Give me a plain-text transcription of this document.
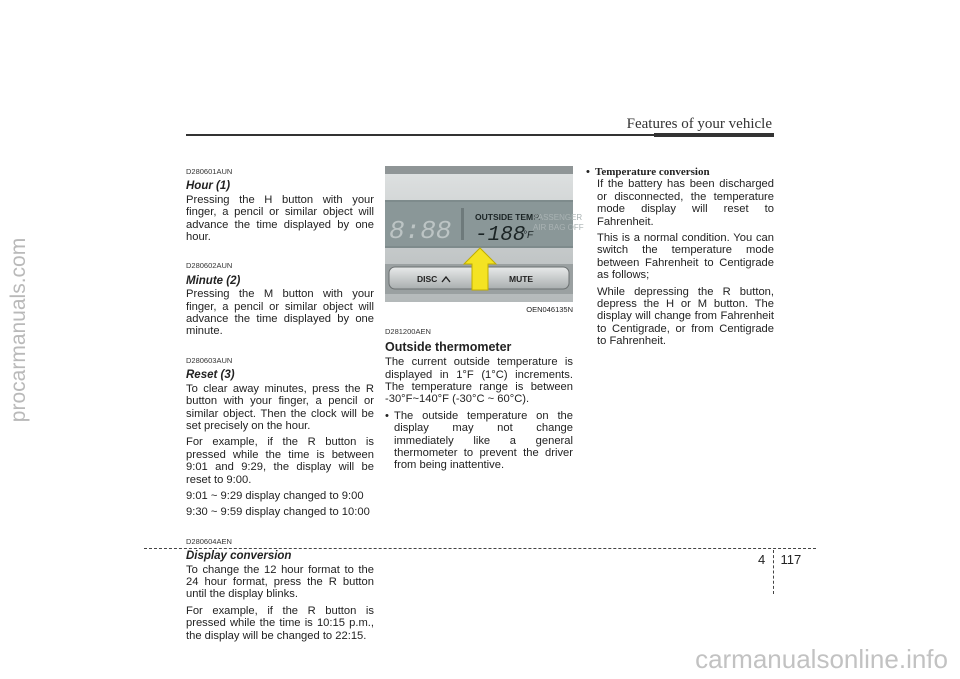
procarmanuals.com
Features of your vehicle
D280601AUN
Hour (1)

Pressing the H button with your finger, a pencil or similar object will advance the time displayed by one hour.

D280602AUN
Minute (2)

Pressing the M button with your finger, a pencil or similar object will advance the time displayed by one minute.

D280603AUN
Reset (3)

To clear away minutes, press the R button with your finger, a pencil or similar object. Then the clock will be set precisely on the hour.

For example, if the R button is pressed while the time is between 9:01 and 9:29, the display will be reset to 9:00.

9:01 ~ 9:29 display changed to 9:00

9:30 ~ 9:59 display changed to 10:00

D280604AEN
Display conversion

To change the 12 hour format to the 24 hour format, press the R button until the display blinks.

For example, if the R button is pressed while the time is 10:15 p.m., the display will be changed to 22:15.

8:88	OUTSIDE TEMP.
-188
°F
PASSENGER
AIR BAG OFF
DISC	MUTE
OEN046135N
D281200AEN
Outside thermometer

The current outside temperature is displayed in 1°F (1°C) increments. The temperature range is between -30°F~140°F (-30°C ~ 60°C).

• The outside temperature on the display may not change immediately like a general thermometer to prevent the driver from being inattentive.

• Temperature conversion

If the battery has been discharged or disconnected, the temperature mode display will reset to Fahrenheit.

This is a normal condition. You can switch the temperature mode between Fahrenheit to Centigrade as follows;

While depressing the R button, depress the H or M button. The display will change from Fahrenheit to Centigrade, or from Centigrade to Fahrenheit.

4 117
carmanualsonline.info
